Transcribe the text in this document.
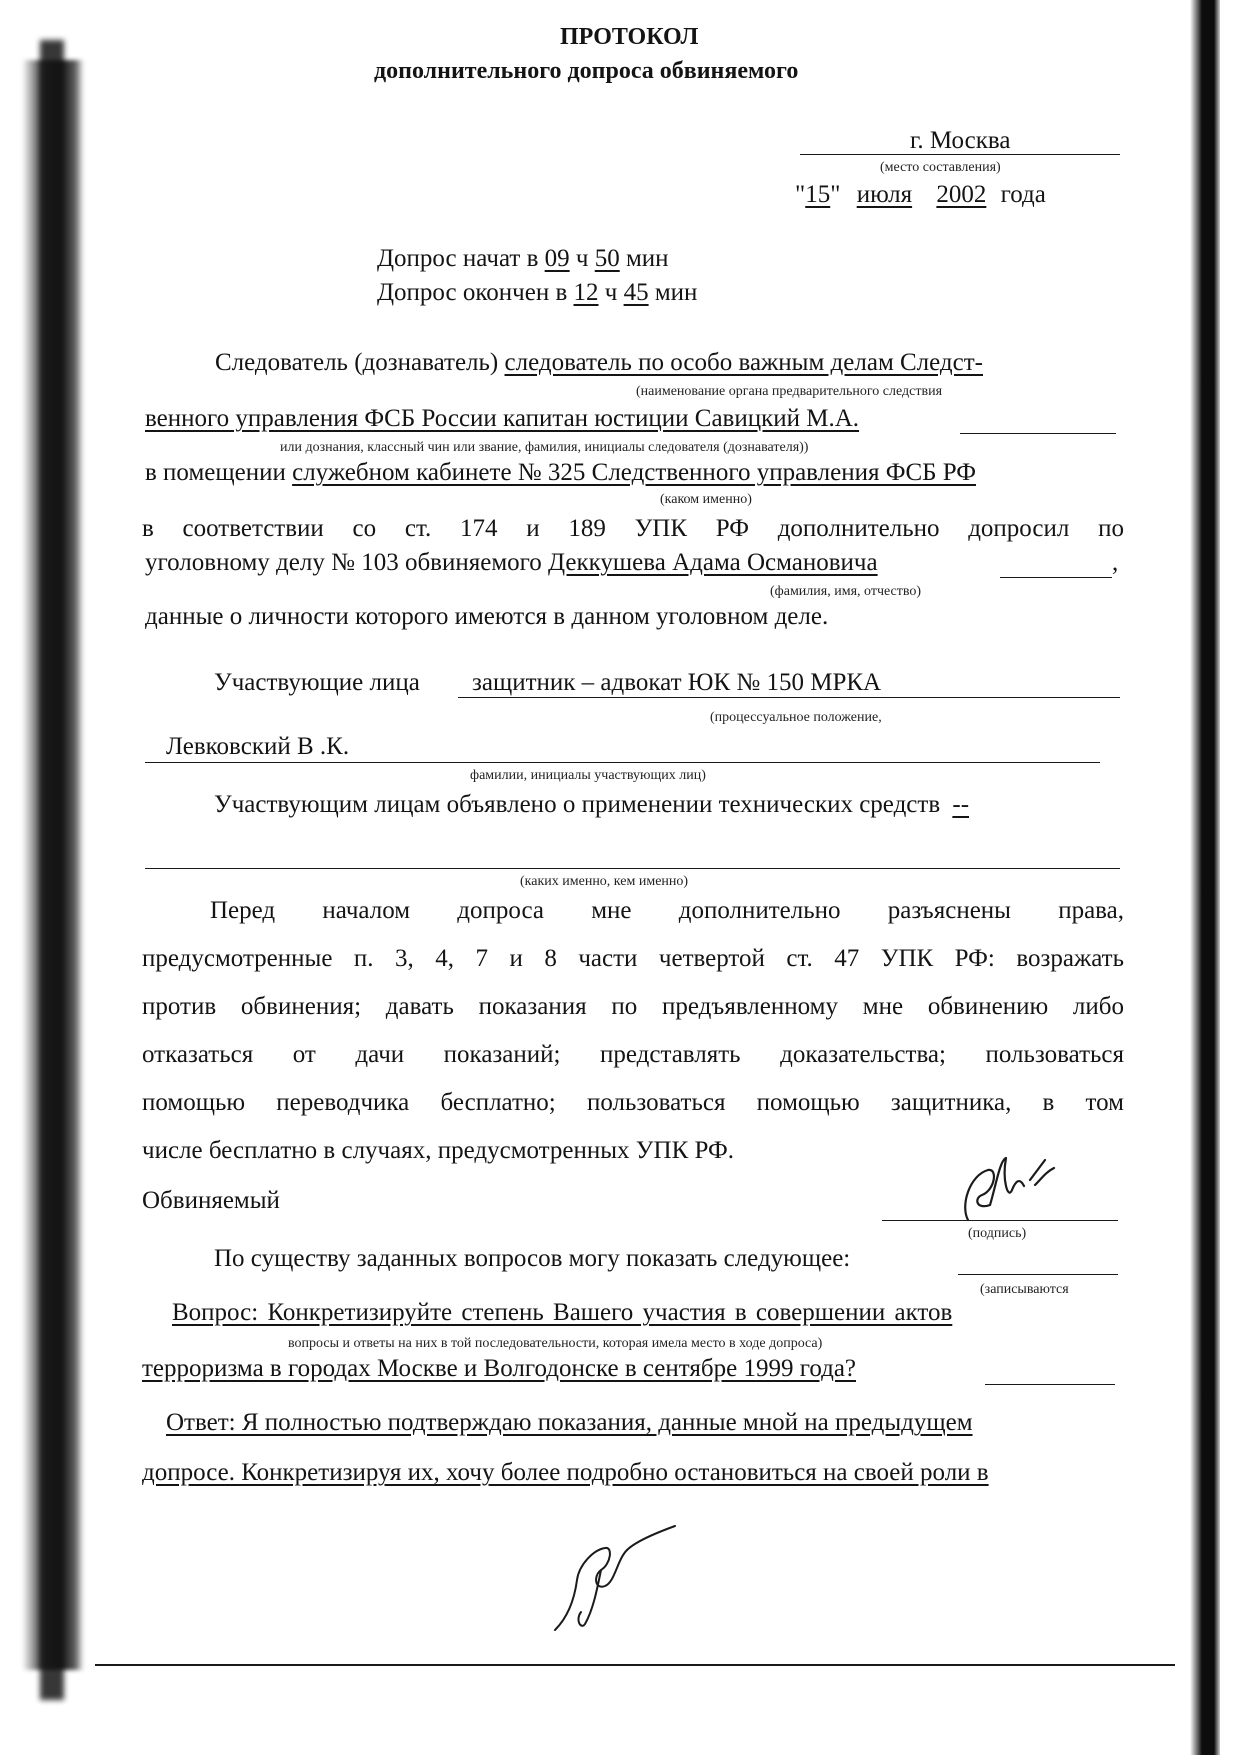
ПРОТОКОЛ
дополнительного допроса обвиняемого
г. Москва
(место составления)
"15" июля 2002 года
Допрос начат в 09 ч 50 мин
Допрос окончен в 12 ч 45 мин
Следователь (дознаватель) следователь по особо важным делам Следст-
(наименование органа предварительного следствия
венного управления ФСБ России капитан юстиции Савицкий М.А.
или дознания, классный чин или звание, фамилия, инициалы следователя (дознавателя))
в помещении служебном кабинете № 325 Следственного управления ФСБ РФ
(каком именно)
в соответствии со ст. 174 и 189 УПК РФ дополнительно допросил по
уголовному делу № 103 обвиняемого Деккушева Адама Османовича	,
(фамилия, имя, отчество)
данные о личности которого имеются в данном уголовном деле.
Участвующие лица защитник – адвокат ЮК № 150 МРКА
(процессуальное положение,
Левковский В .К.
фамилии, инициалы участвующих лиц)
Участвующим лицам объявлено о применении технических средств --
(каких именно, кем именно)
Перед началом допроса мне дополнительно разъяснены права,
предусмотренные п. 3, 4, 7 и 8 части четвертой ст. 47 УПК РФ: возражать
против обвинения; давать показания по предъявленному мне обвинению либо
отказаться от дачи показаний; представлять доказательства; пользоваться
помощью переводчика бесплатно; пользоваться помощью защитника, в том
числе бесплатно в случаях, предусмотренных УПК РФ.
Обвиняемый
(подпись)
По существу заданных вопросов могу показать следующее:
(записываются
Вопрос: Конкретизируйте степень Вашего участия в совершении актов
вопросы и ответы на них в той последовательности, которая имела место в ходе допроса)
терроризма в городах Москве и Волгодонске в сентябре 1999 года?
Ответ: Я полностью подтверждаю показания, данные мной на предыдущем
допросе. Конкретизируя их, хочу более подробно остановиться на своей роли в
